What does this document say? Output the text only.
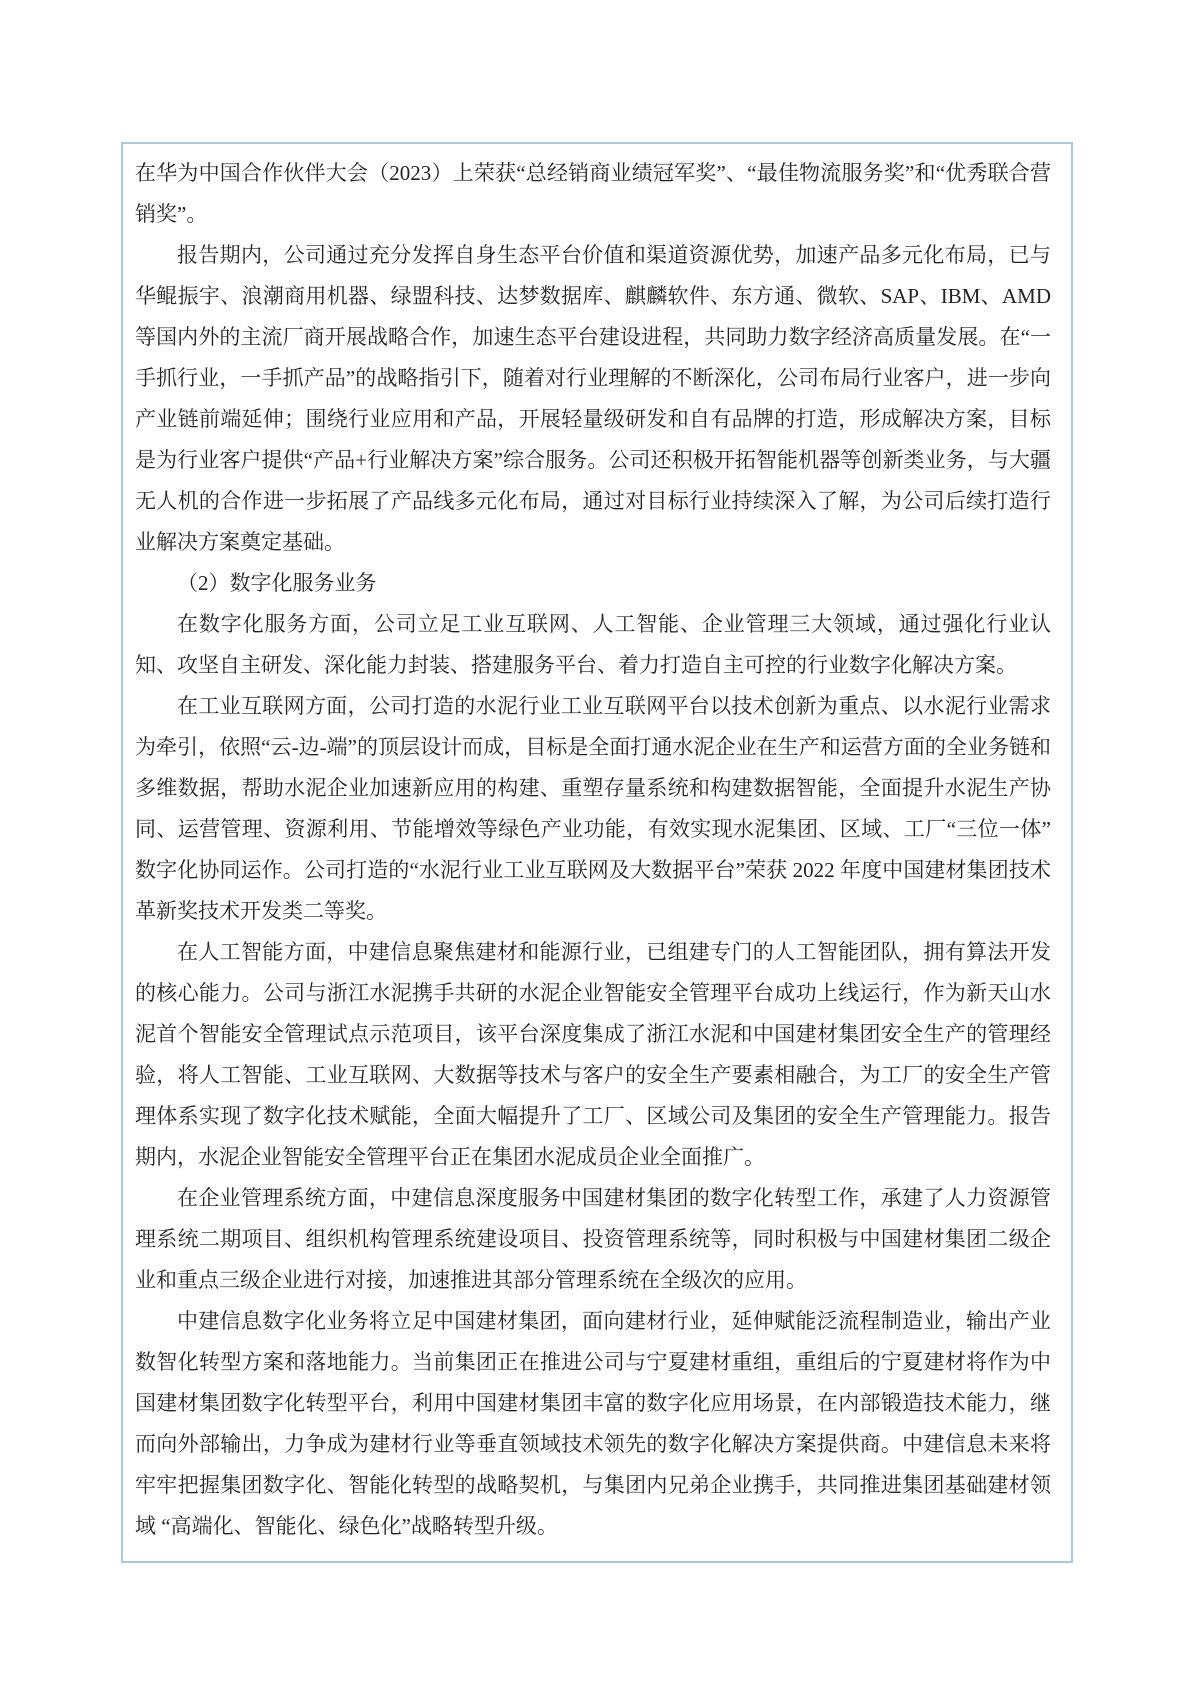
在华为中国合作伙伴大会（2023）上荣获“总经销商业绩冠军奖”、“最佳物流服务奖”和“优秀联合营销奖”。

报告期内，公司通过充分发挥自身生态平台价值和渠道资源优势，加速产品多元化布局，已与华鲲振宇、浪潮商用机器、绿盟科技、达梦数据库、麒麟软件、东方通、微软、SAP、IBM、AMD 等国内外的主流厂商开展战略合作，加速生态平台建设进程，共同助力数字经济高质量发展。在“一手抓行业，一手抓产品”的战略指引下，随着对行业理解的不断深化，公司布局行业客户，进一步向产业链前端延伸；围绕行业应用和产品，开展轻量级研发和自有品牌的打造，形成解决方案，目标是为行业客户提供“产品+行业解决方案”综合服务。公司还积极开拓智能机器等创新类业务，与大疆无人机的合作进一步拓展了产品线多元化布局，通过对目标行业持续深入了解，为公司后续打造行业解决方案奠定基础。

（2）数字化服务业务

在数字化服务方面，公司立足工业互联网、人工智能、企业管理三大领域，通过强化行业认知、攻坚自主研发、深化能力封装、搭建服务平台、着力打造自主可控的行业数字化解决方案。

在工业互联网方面，公司打造的水泥行业工业互联网平台以技术创新为重点、以水泥行业需求为牵引，依照“云-边-端”的顶层设计而成，目标是全面打通水泥企业在生产和运营方面的全业务链和多维数据，帮助水泥企业加速新应用的构建、重塑存量系统和构建数据智能，全面提升水泥生产协同、运营管理、资源利用、节能增效等绿色产业功能，有效实现水泥集团、区域、工厂“三位一体”数字化协同运作。公司打造的“水泥行业工业互联网及大数据平台”荣获 2022 年度中国建材集团技术革新奖技术开发类二等奖。

在人工智能方面，中建信息聚焦建材和能源行业，已组建专门的人工智能团队，拥有算法开发的核心能力。公司与浙江水泥携手共研的水泥企业智能安全管理平台成功上线运行，作为新天山水泥首个智能安全管理试点示范项目，该平台深度集成了浙江水泥和中国建材集团安全生产的管理经验，将人工智能、工业互联网、大数据等技术与客户的安全生产要素相融合，为工厂的安全生产管理体系实现了数字化技术赋能，全面大幅提升了工厂、区域公司及集团的安全生产管理能力。报告期内，水泥企业智能安全管理平台正在集团水泥成员企业全面推广。

在企业管理系统方面，中建信息深度服务中国建材集团的数字化转型工作，承建了人力资源管理系统二期项目、组织机构管理系统建设项目、投资管理系统等，同时积极与中国建材集团二级企业和重点三级企业进行对接，加速推进其部分管理系统在全级次的应用。

中建信息数字化业务将立足中国建材集团，面向建材行业，延伸赋能泛流程制造业，输出产业数智化转型方案和落地能力。当前集团正在推进公司与宁夏建材重组，重组后的宁夏建材将作为中国建材集团数字化转型平台，利用中国建材集团丰富的数字化应用场景，在内部锻造技术能力，继而向外部输出，力争成为建材行业等垂直领域技术领先的数字化解决方案提供商。中建信息未来将牢牢把握集团数字化、智能化转型的战略契机，与集团内兄弟企业携手，共同推进集团基础建材领域 “高端化、智能化、绿色化”战略转型升级。
